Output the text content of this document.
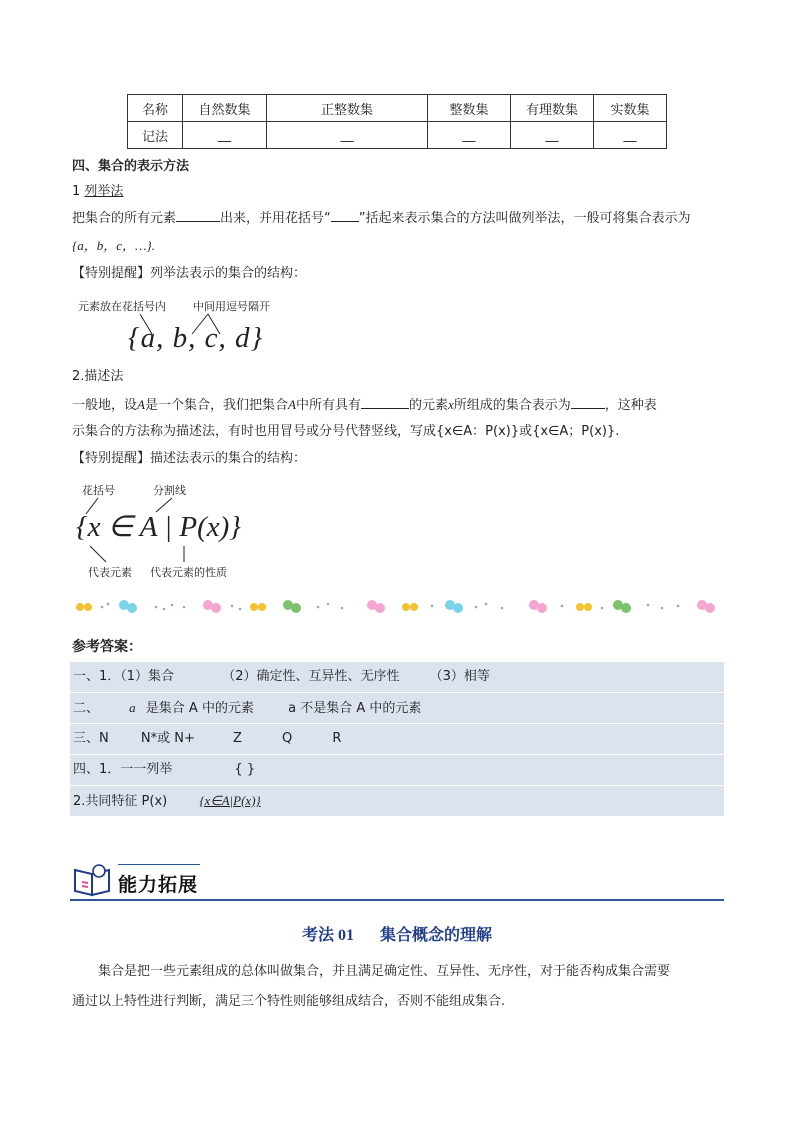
名称	自然数集	正整数集	整数集	有理数集	实数集
记法	__	__	__	__	__
四、集合的表示方法
1 列举法
把集合的所有元素	出来，并用花括号“ ”括起来表示集合的方法叫做列举法，一般可将集合表示为
{a，b，c，…}.
【特别提醒】列举法表示的集合的结构：
元素放在花括号内 中间用逗号隔开
{a, b, c, d}
2.描述法
一般地，设A是一个集合，我们把集合A中所有具有	的元素x所组成的集合表示为	，这种表
示集合的方法称为描述法，有时也用冒号或分号代替竖线，写成{x∈A：P(x)}或{x∈A；P(x)}.
【特别提醒】描述法表示的集合的结构：
花括号	分割线
{x ∈ A | P(x)}
代表元素 代表元素的性质
参考答案：
一、1．（1）集合	（2）确定性、互异性、无序性 （3）相等
二、 a 是集合 A 中的元素	a 不是集合 A 中的元素
三、N N*或 N+	Z	Q	R
四、1．一一列举	{ }
2.共同特征 P(x) {x∈A|P(x)}
能力拓展
考法 01 集合概念的理解
集合是把一些元素组成的总体叫做集合，并且满足确定性、互异性、无序性，对于能否构成集合需要
通过以上特性进行判断，满足三个特性则能够组成结合，否则不能组成集合.
